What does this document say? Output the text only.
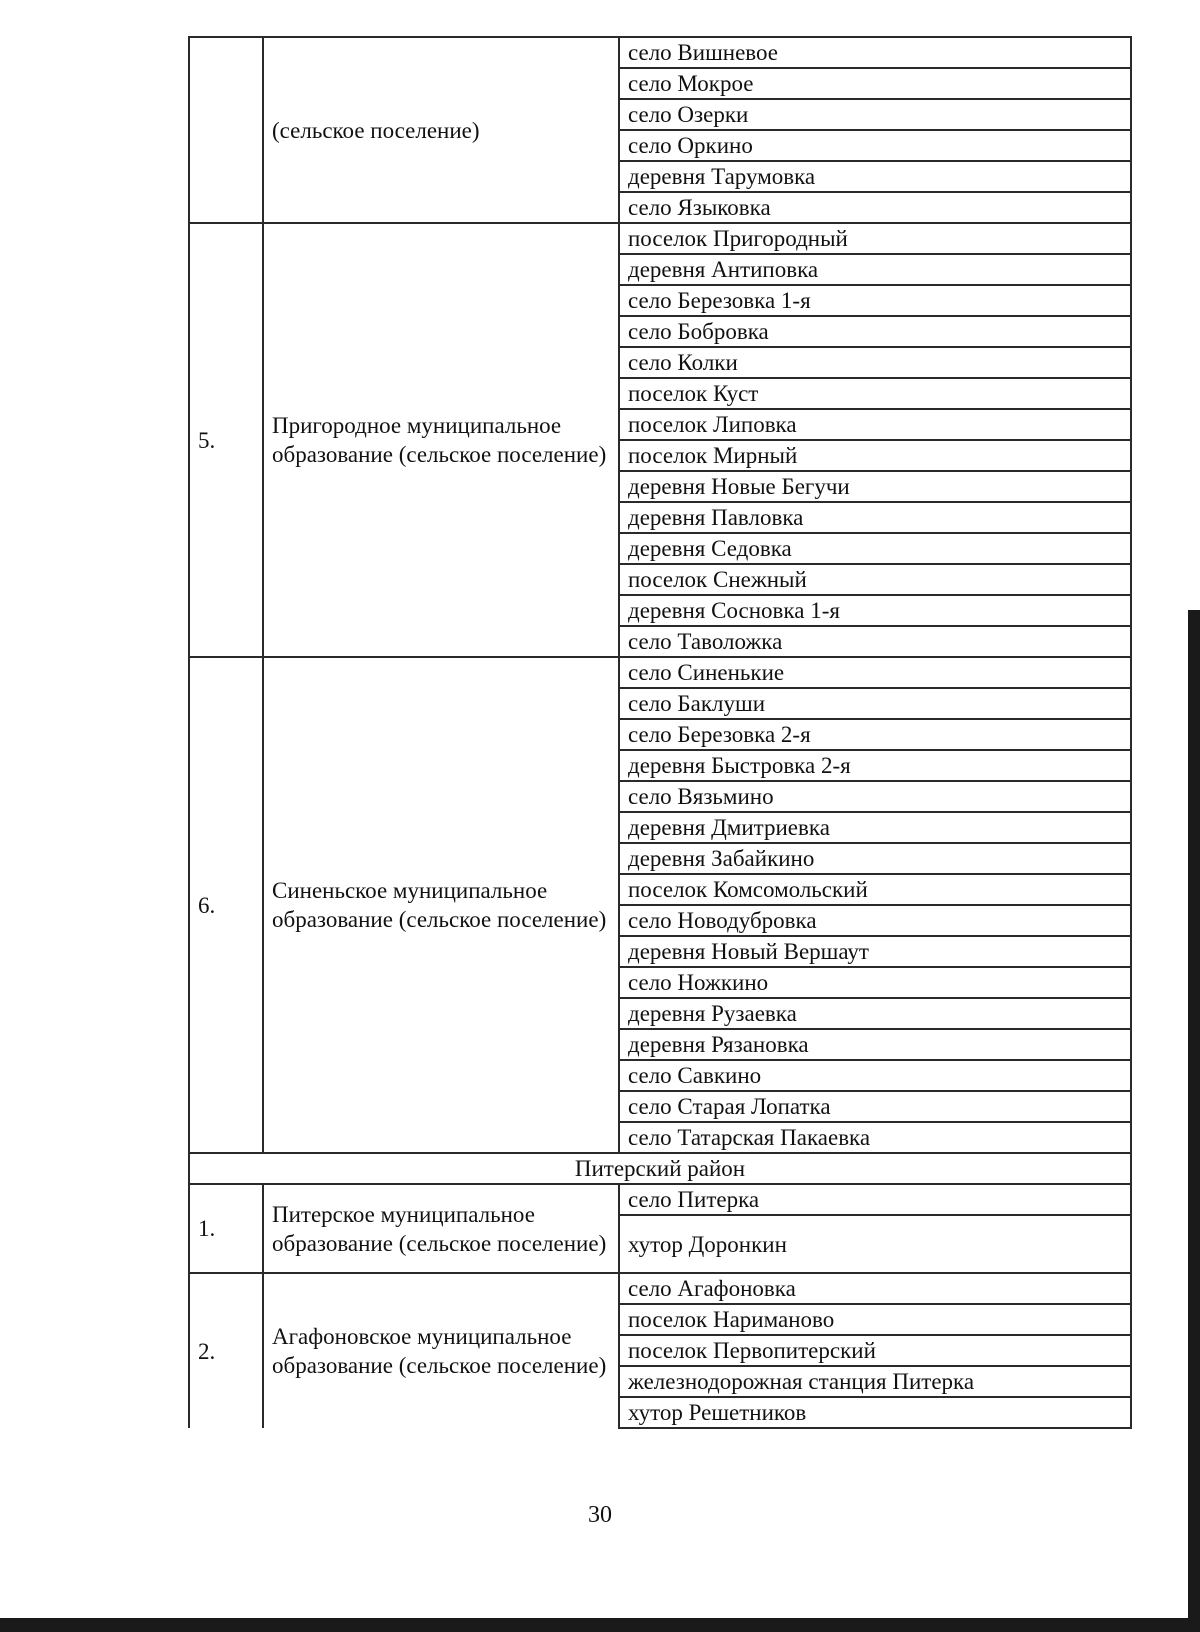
	(сельское поселение)	село Вишневое
		село Мокрое
		село Озерки
		село Оркино
		деревня Тарумовка
		село Языковка
5.	Пригородное муниципальное образование (сельское поселение)	поселок Пригородный
		деревня Антиповка
		село Березовка 1-я
		село Бобровка
		село Колки
		поселок Куст
		поселок Липовка
		поселок Мирный
		деревня Новые Бегучи
		деревня Павловка
		деревня Седовка
		поселок Снежный
		деревня Сосновка 1-я
		село Таволожка
6.	Синеньское муниципальное образование (сельское поселение)	село Синенькие
		село Баклуши
		село Березовка 2-я
		деревня Быстровка 2-я
		село Вязьмино
		деревня Дмитриевка
		деревня Забайкино
		поселок Комсомольский
		село Новодубровка
		деревня Новый Вершаут
		село Ножкино
		деревня Рузаевка
		деревня Рязановка
		село Савкино
		село Старая Лопатка
		село Татарская Пакаевка
Питерский район		
1.	Питерское муниципальное образование (сельское поселение)	село Питерка
		хутор Доронкин
2.	Агафоновское муниципальное образование (сельское поселение)	село Агафоновка
		поселок Нариманово
		поселок Первопитерский
		железнодорожная станция Питерка
		хутор Решетников
30
